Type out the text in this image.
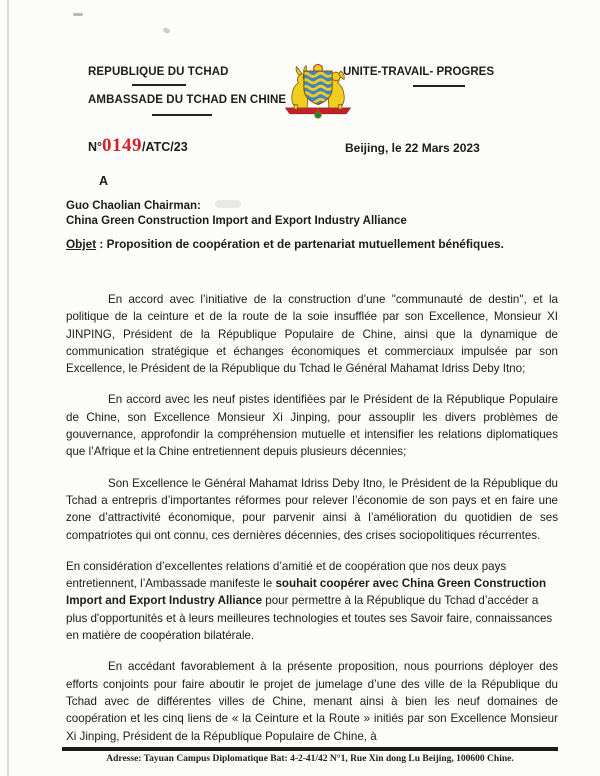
REPUBLIQUE DU TCHAD
AMBASSADE DU TCHAD EN CHINE
UNITE-TRAVAIL- PROGRES
N°0149/ATC/23	Beijing, le 22 Mars 2023
A
Guo Chaolian Chairman:
China Green Construction Import and Export Industry Alliance
Objet : Proposition de coopération et de partenariat mutuellement bénéfiques.

En accord avec l’initiative de la construction d’une "communauté de destin", et la politique de la ceinture et de la route de la soie insufflée par son Excellence, Monsieur XI JINPING, Président de la République Populaire de Chine, ainsi que la dynamique de communication stratégique et échanges économiques et commerciaux impulsée par son Excellence, le Président de la République du Tchad le Général Mahamat Idriss Deby Itno;

En accord avec les neuf pistes identifiées par le Président de la République Populaire de Chine, son Excellence Monsieur Xi Jinping, pour assouplir les divers problèmes de gouvernance, approfondir la compréhension mutuelle et intensifier les relations diplomatiques que l’Afrique et la Chine entretiennent depuis plusieurs décennies;

Son Excellence le Général Mahamat Idriss Deby Itno, le Président de la République du Tchad a entrepris d’importantes réformes pour relever l’économie de son pays et en faire une zone d’attractivité économique, pour parvenir ainsi à l’amélioration du quotidien de ses compatriotes qui ont connu, ces dernières décennies, des crises sociopolitiques récurrentes.

En considération d’excellentes relations d’amitié et de coopération que nos deux pays entretiennent, l’Ambassade manifeste le souhait coopérer avec China Green Construction Import and Export Industry Alliance pour permettre à la République du Tchad d’accéder a plus d'opportunités et à leurs meilleures technologies et toutes ses Savoir faire, connaissances en matière de coopération bilatérale.

En accédant favorablement à la présente proposition, nous pourrions déployer des efforts conjoints pour faire aboutir le projet de jumelage d’une des ville de la République du Tchad avec de différentes villes de Chine, menant ainsi à bien les neuf domaines de coopération et les cinq liens de « la Ceinture et la Route » initiés par son Excellence Monsieur Xi Jinping, Président de la République Populaire de Chine, à

Adresse: Tayuan Campus Diplomatique Bat: 4-2-41/42 N°1, Rue Xin dong Lu Beijing, 100600 Chine.
